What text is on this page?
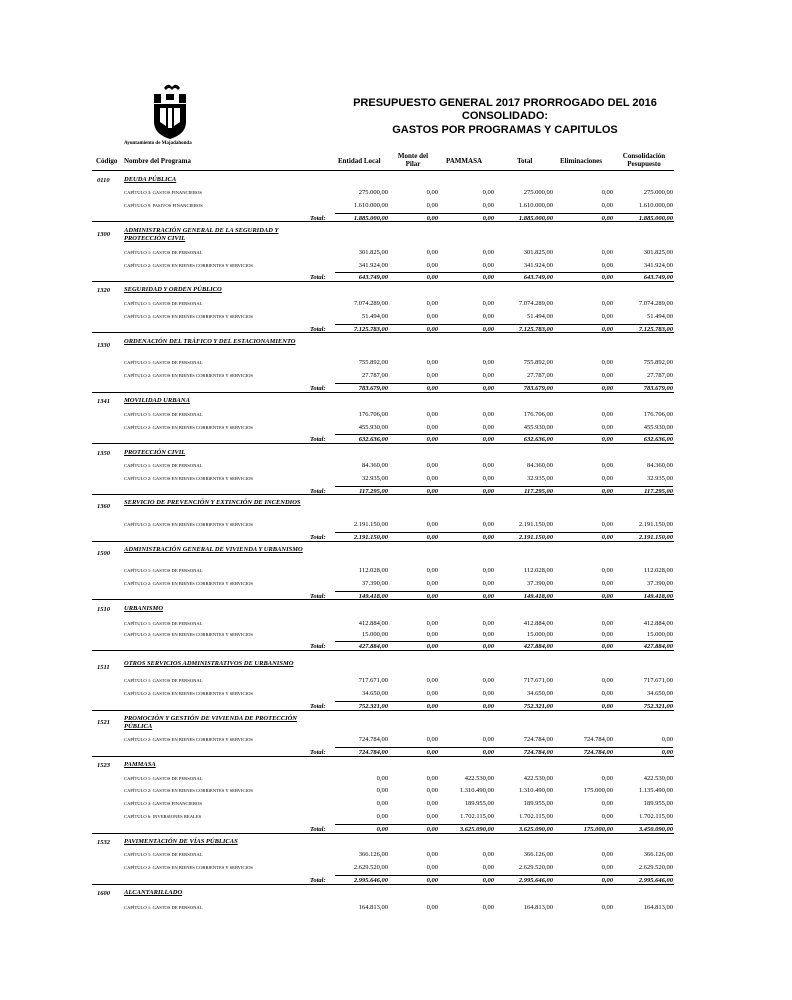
Ayuntamiento de Majadahonda
PRESUPUESTO GENERAL 2017 PRORROGADO DEL 2016
CONSOLIDADO:
GASTOS POR PROGRAMAS Y CAPITULOS
Código Nombre del Programa	Entidad Local
Monte del Pilar	PAMMASA	Total	Eliminaciones
Consolidación Pesupuesto
0110 DEUDA PÚBLICA
CAPÍTULO 3: GASTOS FINANCIEROS	275.000,00	0,00	0,00	275.000,00	0,00	275.000,00
CAPÍTULO 9: PASIVOS FINANCIEROS	1.610.000,00	0,00	0,00	1.610.000,00	0,00	1.610.000,00
Total:	1.885.000,00	0,00	0,00	1.885.000,00	0,00	1.885.000,00
1300
ADMINISTRACIÓN GENERAL DE LA SEGURIDAD Y PROTECCIÓN CIVIL
CAPÍTULO 1: GASTOS DE PERSONAL	301.825,00	0,00	0,00	301.825,00	0,00	301.825,00
CAPÍTULO 2: GASTOS EN BIENES CORRIENTES Y SERVICIOS	341.924,00	0,00	0,00	341.924,00	0,00	341.924,00
Total:	643.749,00	0,00	0,00	643.749,00	0,00	643.749,00
1320 SEGURIDAD Y ORDEN PÚBLICO
CAPÍTULO 1: GASTOS DE PERSONAL	7.074.289,00	0,00	0,00	7.074.289,00	0,00	7.074.289,00
CAPÍTULO 2: GASTOS EN BIENES CORRIENTES Y SERVICIOS	51.494,00	0,00	0,00	51.494,00	0,00	51.494,00
Total:	7.125.783,00	0,00	0,00	7.125.783,00	0,00	7.125.783,00
1330
ORDENACIÓN DEL TRÁFICO Y DEL ESTACIONAMIENTO
CAPÍTULO 1: GASTOS DE PERSONAL	755.892,00	0,00	0,00	755.892,00	0,00	755.892,00
CAPÍTULO 2: GASTOS EN BIENES CORRIENTES Y SERVICIOS	27.787,00	0,00	0,00	27.787,00	0,00	27.787,00
Total:	783.679,00	0,00	0,00	783.679,00	0,00	783.679,00
1341 MOVILIDAD URBANA
CAPÍTULO 1: GASTOS DE PERSONAL	176.706,00	0,00	0,00	176.706,00	0,00	176.706,00
CAPÍTULO 2: GASTOS EN BIENES CORRIENTES Y SERVICIOS	455.930,00	0,00	0,00	455.930,00	0,00	455.930,00
Total:	632.636,00	0,00	0,00	632.636,00	0,00	632.636,00
1350 PROTECCIÓN CIVIL
CAPÍTULO 1: GASTOS DE PERSONAL	84.360,00	0,00	0,00	84.360,00	0,00	84.360,00
CAPÍTULO 2: GASTOS EN BIENES CORRIENTES Y SERVICIOS	32.935,00	0,00	0,00	32.935,00	0,00	32.935,00
Total:	117.295,00	0,00	0,00	117.295,00	0,00	117.295,00
1360
SERVICIO DE PREVENCIÓN Y EXTINCIÓN DE INCENDIOS
CAPÍTULO 2: GASTOS EN BIENES CORRIENTES Y SERVICIOS	2.191.150,00	0,00	0,00	2.191.150,00	0,00	2.191.150,00
Total:	2.191.150,00	0,00	0,00	2.191.150,00	0,00	2.191.150,00
1500
ADMINISTRACIÓN GENERAL DE VIVIENDA Y URBANISMO
CAPÍTULO 1: GASTOS DE PERSONAL	112.028,00	0,00	0,00	112.028,00	0,00	112.028,00
CAPÍTULO 2: GASTOS EN BIENES CORRIENTES Y SERVICIOS	37.390,00	0,00	0,00	37.390,00	0,00	37.390,00
Total:	149.418,00	0,00	0,00	149.418,00	0,00	149.418,00
1510 URBANISMO
CAPÍTULO 1: GASTOS DE PERSONAL	412.884,00	0,00	0,00	412.884,00	0,00	412.884,00
CAPÍTULO 2: GASTOS EN BIENES CORRIENTES Y SERVICIOS	15.000,00	0,00	0,00	15.000,00	0,00	15.000,00
Total:	427.884,00	0,00	0,00	427.884,00	0,00	427.884,00
1511
OTROS SERVICIOS ADMINISTRATIVOS DE URBANISMO
CAPÍTULO 1: GASTOS DE PERSONAL	717.671,00	0,00	0,00	717.671,00	0,00	717.671,00
CAPÍTULO 2: GASTOS EN BIENES CORRIENTES Y SERVICIOS	34.650,00	0,00	0,00	34.650,00	0,00	34.650,00
Total:	752.321,00	0,00	0,00	752.321,00	0,00	752.321,00
1521
PROMOCIÓN Y GESTIÓN DE VIVIENDA DE PROTECCIÓN PÚBLICA
CAPÍTULO 2: GASTOS EN BIENES CORRIENTES Y SERVICIOS	724.784,00	0,00	0,00	724.784,00	724.784,00	0,00
Total:	724.784,00	0,00	0,00	724.784,00	724.784,00	0,00
1523 PAMMASA
CAPÍTULO 1: GASTOS DE PERSONAL	0,00	0,00	422.530,00	422.530,00	0,00	422.530,00
CAPÍTULO 2: GASTOS EN BIENES CORRIENTES Y SERVICIOS	0,00	0,00	1.310.490,00	1.310.490,00	175.000,00	1.135.490,00
CAPÍTULO 3: GASTOS FINANCIEROS	0,00	0,00	189.955,00	189.955,00	0,00	189.955,00
CAPÍTULO 6: INVERSIONES REALES	0,00	0,00	1.702.115,00	1.702.115,00	0,00	1.702.115,00
Total:	0,00	0,00	3.625.090,00	3.625.090,00	175.000,00	3.450.090,00
1532 PAVIMENTACIÓN DE VÍAS PÚBLICAS
CAPÍTULO 1: GASTOS DE PERSONAL	366.126,00	0,00	0,00	366.126,00	0,00	366.126,00
CAPÍTULO 2: GASTOS EN BIENES CORRIENTES Y SERVICIOS	2.629.520,00	0,00	0,00	2.629.520,00	0,00	2.629.520,00
Total:	2.995.646,00	0,00	0,00	2.995.646,00	0,00	2.995.646,00
1600 ALCANTARILLADO
CAPÍTULO 1: GASTOS DE PERSONAL	164.813,00	0,00	0,00	164.813,00	0,00	164.813,00
